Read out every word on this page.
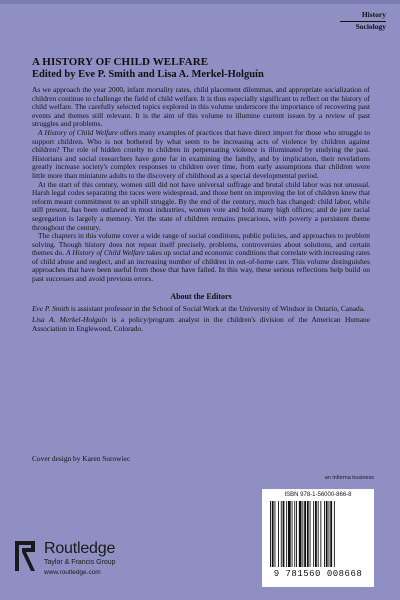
History
Sociology
A HISTORY OF CHILD WELFARE
Edited by Eve P. Smith and Lisa A. Merkel-Holguín

As we approach the year 2000, infant mortality rates, child placement dilemmas, and appropriate socialization of children continue to challenge the field of child welfare. It is thus especially significant to reflect on the history of child welfare. The carefully selected topics explored in this volume underscore the importance of recovering past events and themes still relevant. It is the aim of this volume to illumine current issues by a review of past struggles and problems.

A History of Child Welfare offers many examples of practices that have direct import for those who struggle to support children. Who is not bothered by what seem to be increasing acts of violence by children against children? The role of hidden cruelty to children in perpetuating violence is illuminated by studying the past. Historians and social researchers have gone far in examining the family, and by implication, their revelations greatly increase society's complex responses to children over time, from early assumptions that children were little more than miniature adults to the discovery of childhood as a special developmental period.

At the start of this century, women still did not have universal suffrage and brutal child labor was not unusual. Harsh legal codes separating the races were widespread, and those bent on improving the lot of children knew that reform meant commitment to an uphill struggle. By the end of the century, much has changed: child labor, while still present, has been outlawed in most industries, women vote and hold many high offices; and de jure racial segregation is largely a memory. Yet the state of children remains precarious, with poverty a persistent theme throughout the century.

The chapters in this volume cover a wide range of social conditions, public policies, and approaches to problem solving. Though history does not repeat itself precisely, problems, controversies about solutions, and certain themes do. A History of Child Welfare takes up social and economic conditions that correlate with increasing rates of child abuse and neglect, and an increasing number of children in out-of-home care. This volume distinguishes approaches that have been useful from those that have failed. In this way, these serious reflections help build on past successes and avoid previous errors.

About the Editors

Eve P. Smith is assistant professor in the School of Social Work at the University of Windsor in Ontario, Canada.

Lisa A. Merkel-Holguín is a policy/program analyst in the children's division of the American Humane Association in Englewood, Colorado.

Cover design by Karen Surowiec
Routledge
Taylor & Francis Group
www.routledge.com
an informa business
ISBN 978-1-56000-866-8
9 781560 008668
